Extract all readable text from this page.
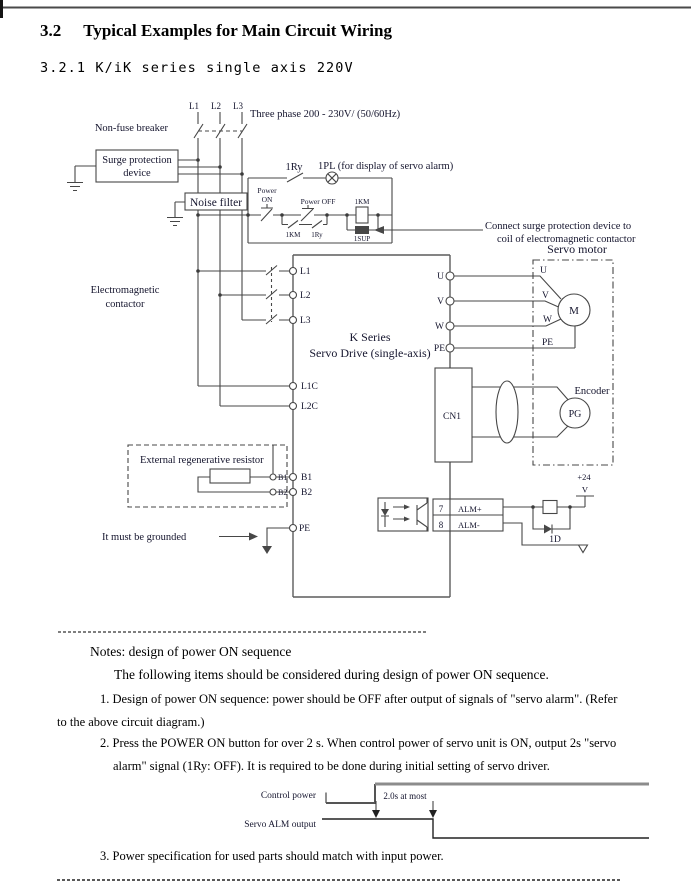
3.2 Typical Examples for Main Circuit Wiring
3.2.1 K/iK series single axis 220V
L1 L2 L3
Three phase 200 - 230V/ (50/60Hz)
Non-fuse breaker
Surge protection
device
Noise filter
1Ry 1PL (for display of servo alarm)
Power
ON	Power OFF	1KM
1KM 1Ry	1SUP
Connect surge protection device to
coil of electromagnetic contactor
Servo motor
Electromagnetic
contactor
L1
L2
L3
L1C
L2C
B1
B2
PE
K Series
Servo Drive (single-axis)
U
V
W
PE
U
V
W
PE
M
CN1
Encoder
PG
External regenerative resistor
B1
B2
It must be grounded
7 ALM+
8 ALM-
+24
V
1D
Control power	2.0s at most
Servo ALM output
Notes: design of power ON sequence
The following items should be considered during design of power ON sequence.
1. Design of power ON sequence: power should be OFF after output of signals of "servo alarm". (Refer
to the above circuit diagram.)
2. Press the POWER ON button for over 2 s. When control power of servo unit is ON, output 2s "servo
alarm" signal (1Ry: OFF). It is required to be done during initial setting of servo driver.
3. Power specification for used parts should match with input power.
